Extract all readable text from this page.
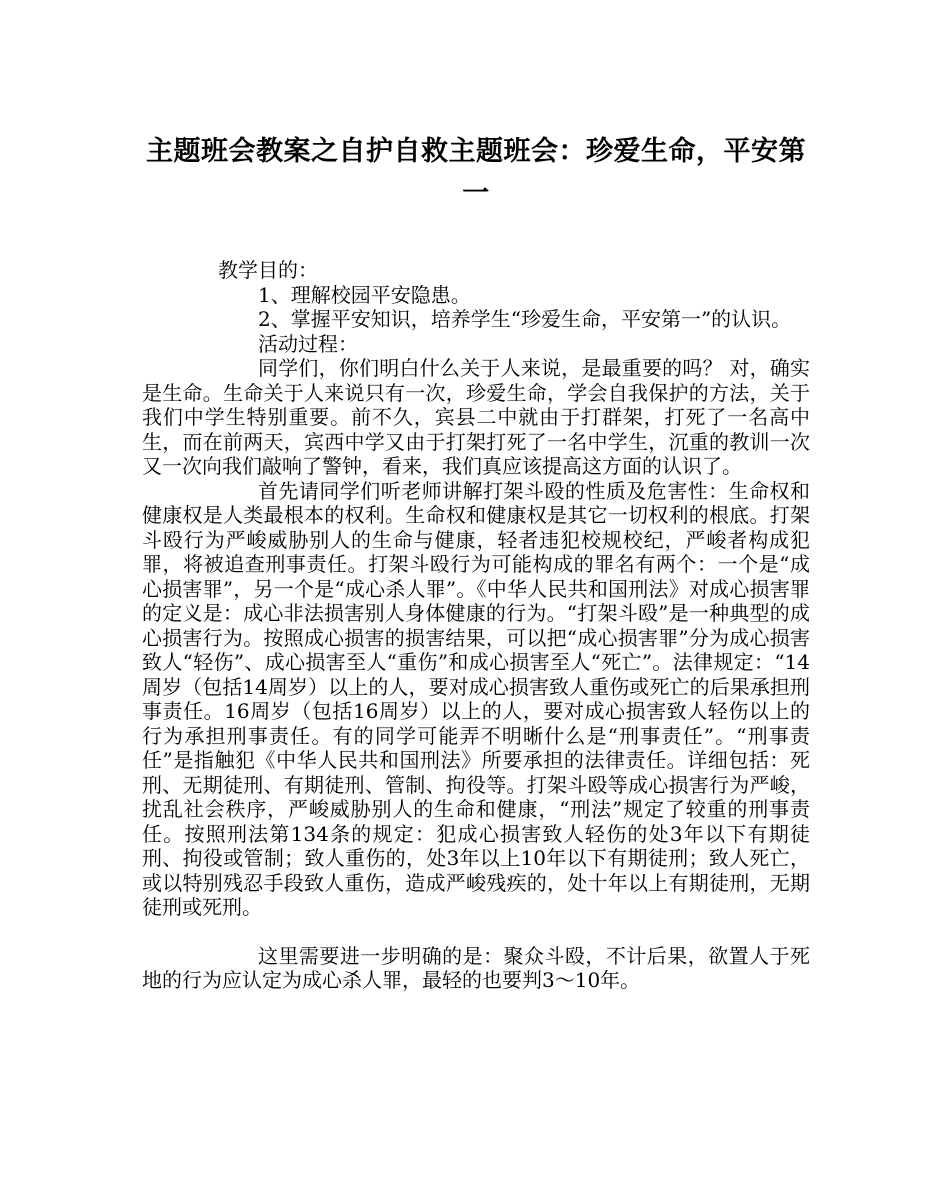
主题班会教案之自护自救主题班会：珍爱生命，平安第一

教学目的：

1、理解校园平安隐患。

2、掌握平安知识，培养学生“珍爱生命，平安第一”的认识。

活动过程：

同学们，你们明白什么关于人来说，是最重要的吗？ 对，确实是生命。生命关于人来说只有一次，珍爱生命，学会自我保护的方法，关于我们中学生特别重要。前不久，宾县二中就由于打群架，打死了一名高中生，而在前两天，宾西中学又由于打架打死了一名中学生，沉重的教训一次又一次向我们敲响了警钟，看来，我们真应该提高这方面的认识了。

首先请同学们听老师讲解打架斗殴的性质及危害性：生命权和健康权是人类最根本的权利。生命权和健康权是其它一切权利的根底。打架斗殴行为严峻威胁别人的生命与健康，轻者违犯校规校纪，严峻者构成犯罪，将被追查刑事责任。打架斗殴行为可能构成的罪名有两个：一个是“成心损害罪”，另一个是“成心杀人罪”。《中华人民共和国刑法》对成心损害罪的定义是：成心非法损害别人身体健康的行为。“打架斗殴”是一种典型的成心损害行为。按照成心损害的损害结果，可以把“成心损害罪”分为成心损害致人“轻伤”、成心损害至人“重伤”和成心损害至人“死亡”。法律规定：“14周岁（包括14周岁）以上的人，要对成心损害致人重伤或死亡的后果承担刑事责任。16周岁（包括16周岁）以上的人，要对成心损害致人轻伤以上的行为承担刑事责任。有的同学可能弄不明晰什么是“刑事责任”。“刑事责任”是指触犯《中华人民共和国刑法》所要承担的法律责任。详细包括：死刑、无期徒刑、有期徒刑、管制、拘役等。打架斗殴等成心损害行为严峻，扰乱社会秩序，严峻威胁别人的生命和健康，“刑法”规定了较重的刑事责任。按照刑法第134条的规定：犯成心损害致人轻伤的处3年以下有期徒刑、拘役或管制；致人重伤的，处3年以上10年以下有期徒刑；致人死亡，或以特别残忍手段致人重伤，造成严峻残疾的，处十年以上有期徒刑，无期徒刑或死刑。

这里需要进一步明确的是：聚众斗殴，不计后果，欲置人于死地的行为应认定为成心杀人罪，最轻的也要判3～10年。
